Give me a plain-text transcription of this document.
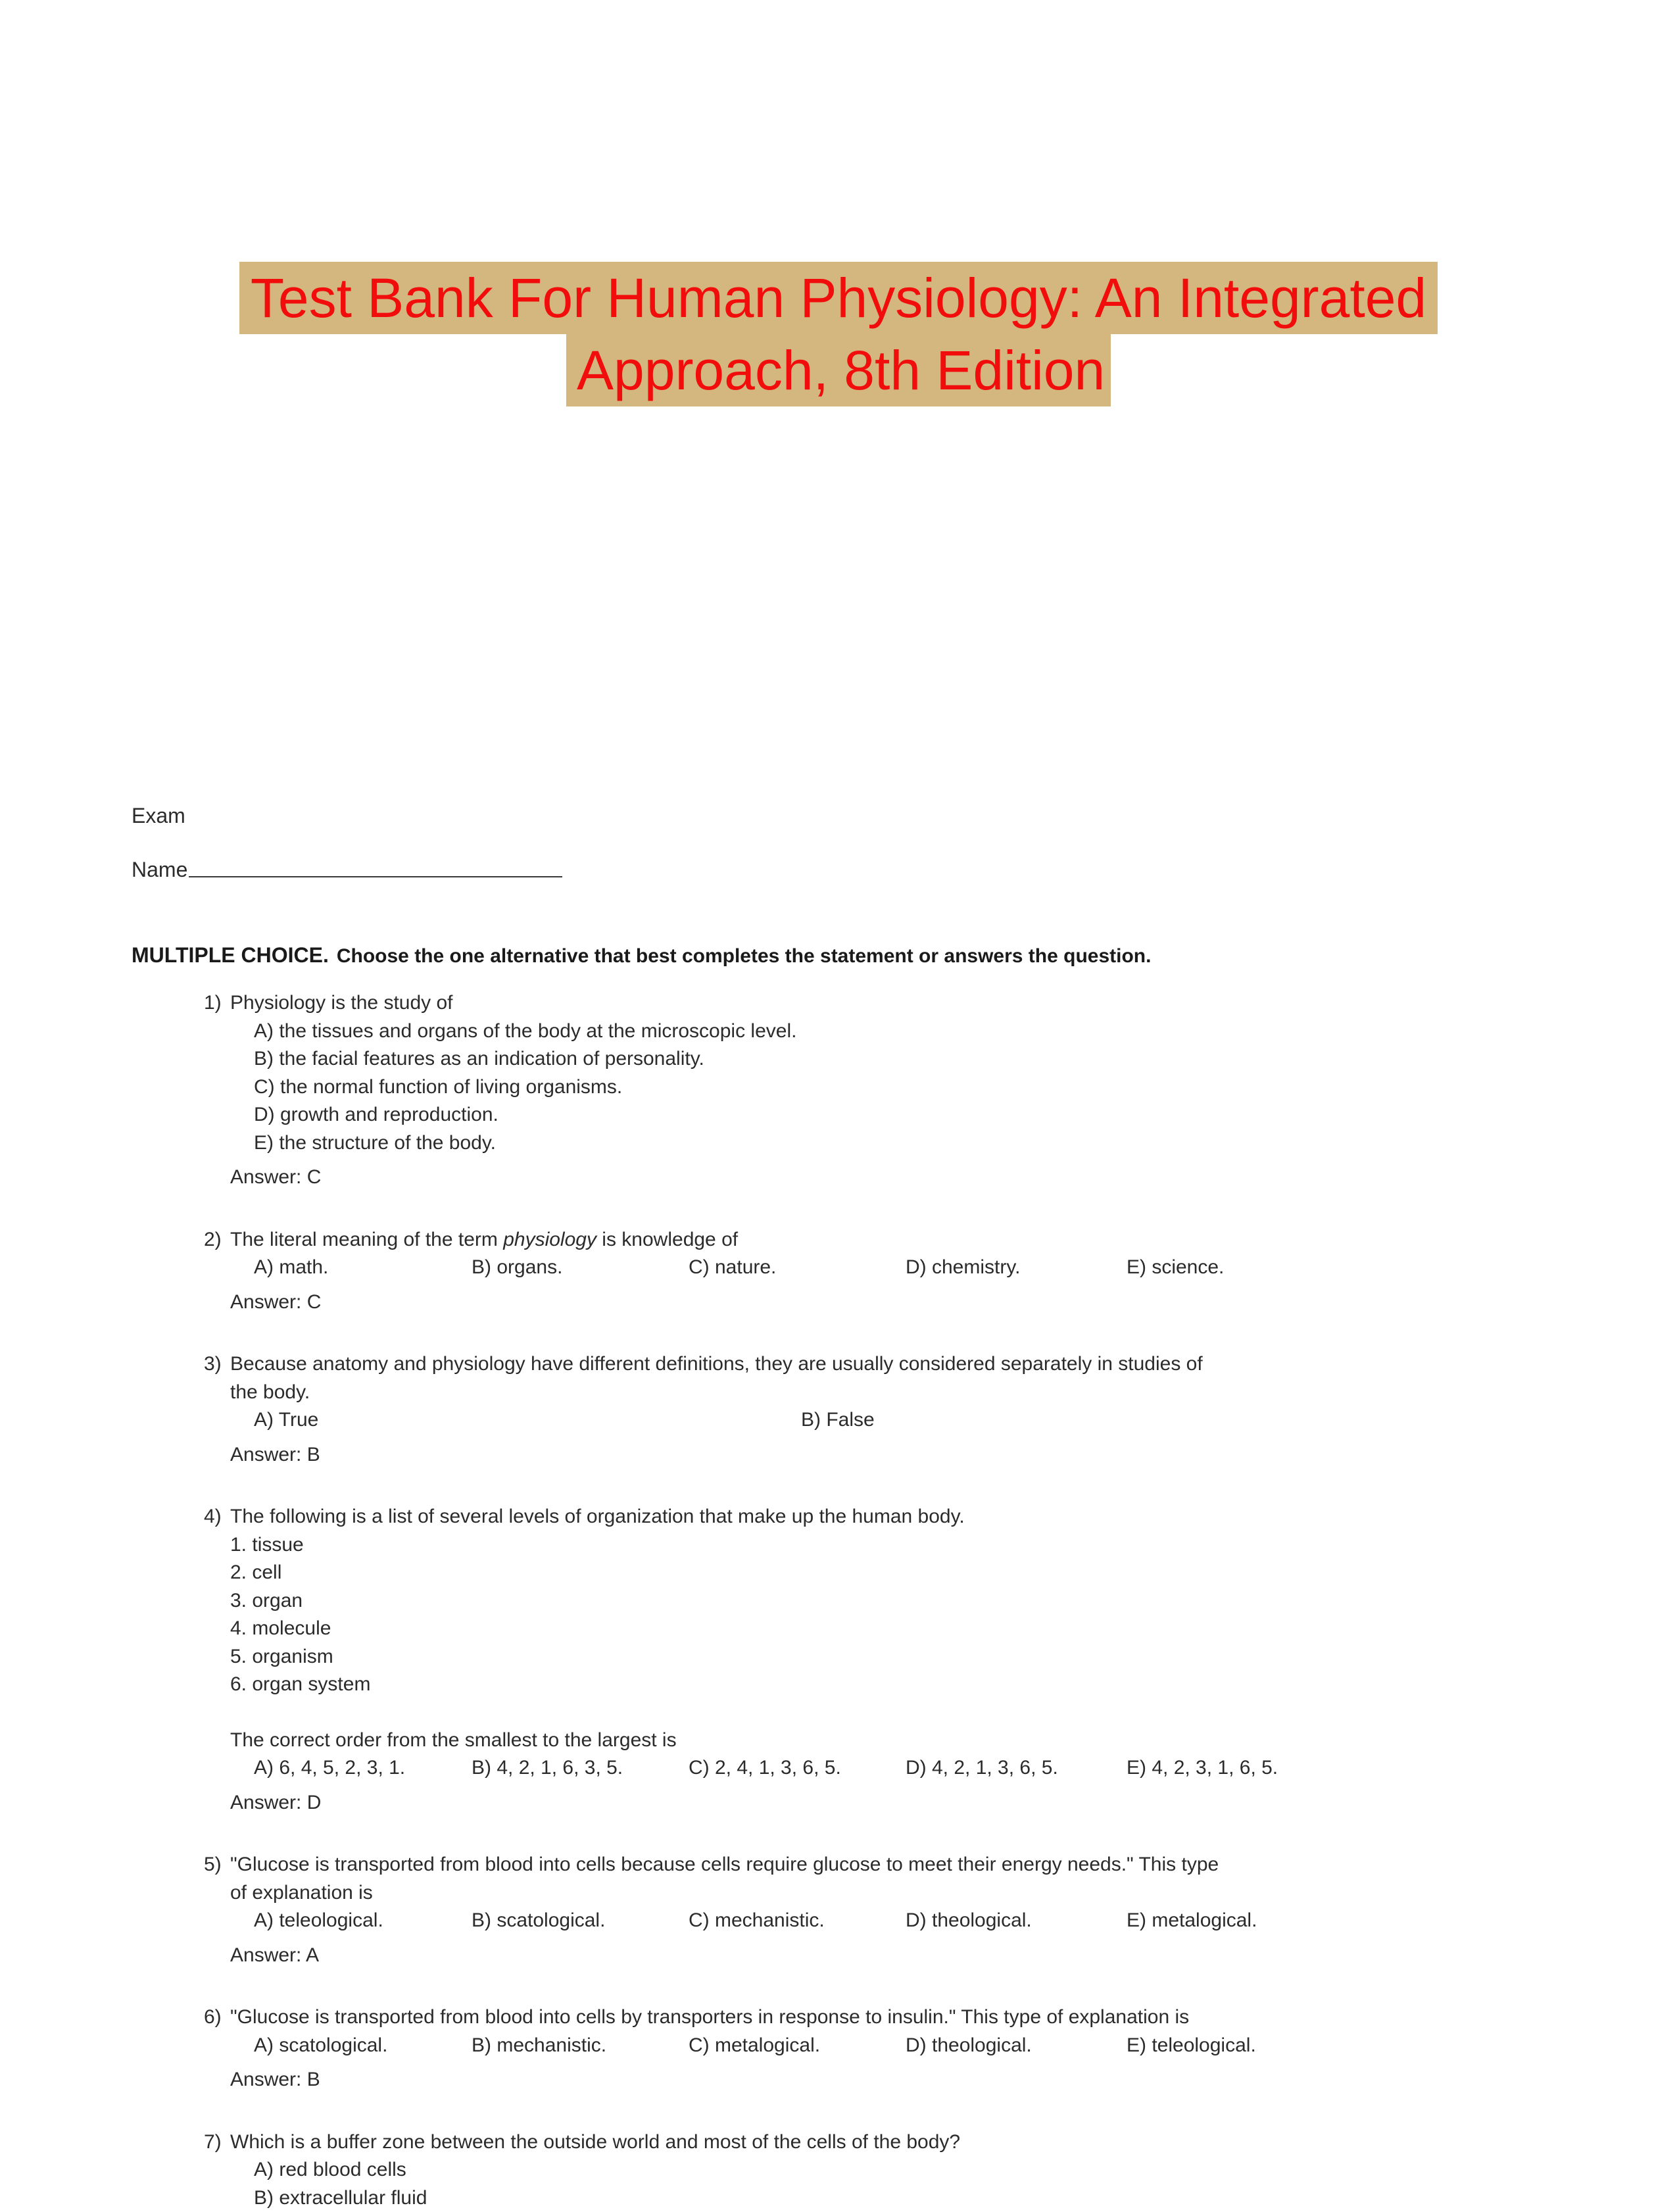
Test Bank For Human Physiology: An Integrated
Approach, 8th Edition
Exam
Name
MULTIPLE CHOICE. Choose the one alternative that best completes the statement or answers the question.
1) Physiology is the study of
A) the tissues and organs of the body at the microscopic level.
B) the facial features as an indication of personality.
C) the normal function of living organisms.
D) growth and reproduction.
E) the structure of the body.
Answer: C
2) The literal meaning of the term physiology is knowledge of
A) math.	B) organs.	C) nature.	D) chemistry.	E) science.
Answer: C
3) Because anatomy and physiology have different definitions, they are usually considered separately in studies of
the body.
A) True	B) False
Answer: B
4) The following is a list of several levels of organization that make up the human body.
1. tissue
2. cell
3. organ
4. molecule
5. organism
6. organ system
The correct order from the smallest to the largest is
A) 6, 4, 5, 2, 3, 1.	B) 4, 2, 1, 6, 3, 5.	C) 2, 4, 1, 3, 6, 5.	D) 4, 2, 1, 3, 6, 5.	E) 4, 2, 3, 1, 6, 5.
Answer: D
5) "Glucose is transported from blood into cells because cells require glucose to meet their energy needs." This type
of explanation is
A) teleological.	B) scatological.	C) mechanistic.	D) theological.	E) metalogical.
Answer: A
6) "Glucose is transported from blood into cells by transporters in response to insulin." This type of explanation is
A) scatological.	B) mechanistic.	C) metalogical.	D) theological.	E) teleological.
Answer: B
7) Which is a buffer zone between the outside world and most of the cells of the body?
A) red blood cells
B) extracellular fluid
